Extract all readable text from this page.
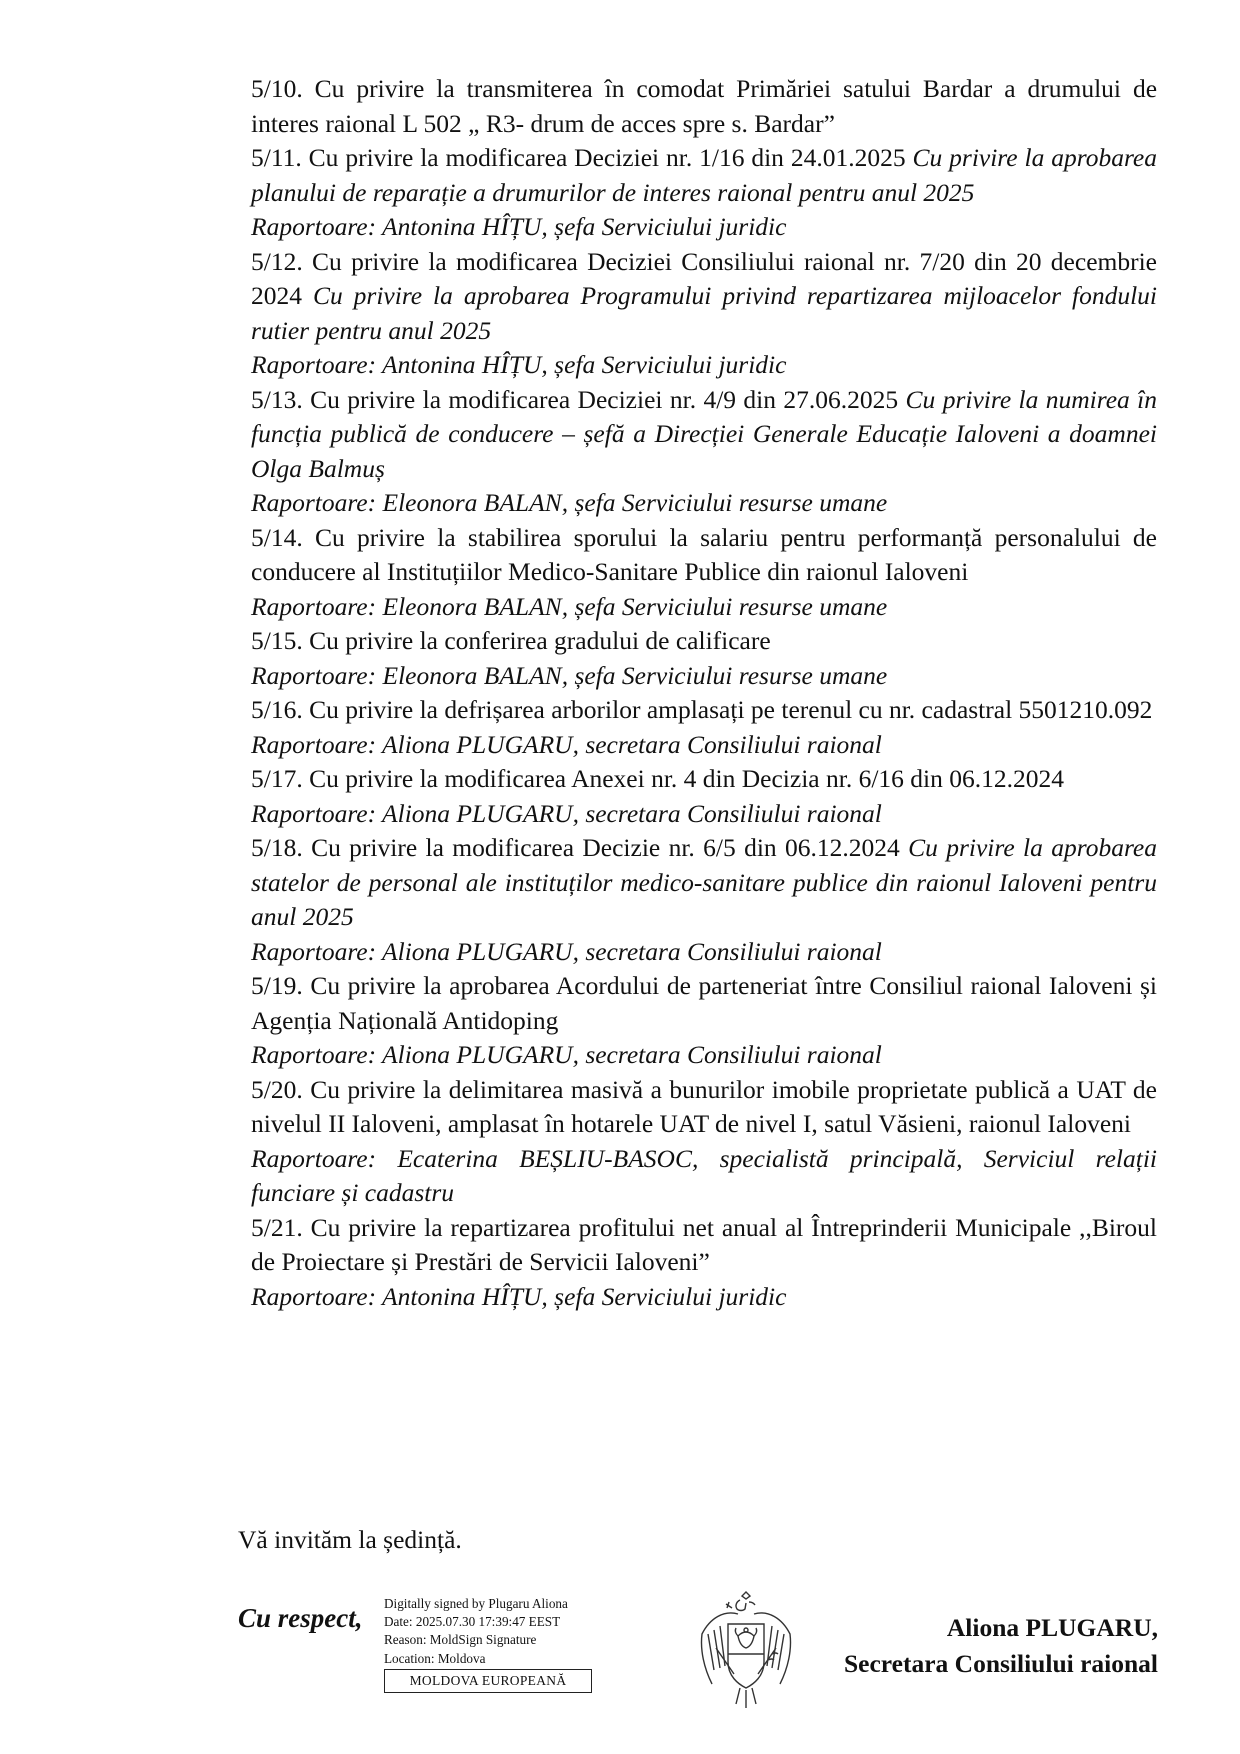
5/10. Cu privire la transmiterea în comodat Primăriei satului Bardar a drumului de interes raional L 502 „ R3- drum de acces spre s. Bardar”

5/11. Cu privire la modificarea Deciziei nr. 1/16 din 24.01.2025 Cu privire la aprobarea planului de reparație a drumurilor de interes raional pentru anul 2025

Raportoare: Antonina HÎȚU, șefa Serviciului juridic

5/12. Cu privire la modificarea Deciziei Consiliului raional nr. 7/20 din 20 decembrie 2024 Cu privire la aprobarea Programului privind repartizarea mijloacelor fondului rutier pentru anul 2025

Raportoare: Antonina HÎȚU, șefa Serviciului juridic

5/13. Cu privire la modificarea Deciziei nr. 4/9 din 27.06.2025 Cu privire la numirea în funcția publică de conducere – șefă a Direcției Generale Educație Ialoveni a doamnei Olga Balmuș

Raportoare: Eleonora BALAN, șefa Serviciului resurse umane

5/14. Cu privire la stabilirea sporului la salariu pentru performanță personalului de conducere al Instituțiilor Medico-Sanitare Publice din raionul Ialoveni

Raportoare: Eleonora BALAN, șefa Serviciului resurse umane

5/15. Cu privire la conferirea gradului de calificare

Raportoare: Eleonora BALAN, șefa Serviciului resurse umane

5/16. Cu privire la defrișarea arborilor amplasați pe terenul cu nr. cadastral 5501210.092

Raportoare: Aliona PLUGARU, secretara Consiliului raional

5/17. Cu privire la modificarea Anexei nr. 4 din Decizia nr. 6/16 din 06.12.2024

Raportoare: Aliona PLUGARU, secretara Consiliului raional

5/18. Cu privire la modificarea Decizie nr. 6/5 din 06.12.2024 Cu privire la aprobarea statelor de personal ale instituților medico-sanitare publice din raionul Ialoveni pentru anul 2025

Raportoare: Aliona PLUGARU, secretara Consiliului raional

5/19. Cu privire la aprobarea Acordului de parteneriat între Consiliul raional Ialoveni și Agenția Națională Antidoping

Raportoare: Aliona PLUGARU, secretara Consiliului raional

5/20. Cu privire la delimitarea masivă a bunurilor imobile proprietate publică a UAT de nivelul II Ialoveni, amplasat în hotarele UAT de nivel I, satul Văsieni, raionul Ialoveni

Raportoare: Ecaterina BEȘLIU-BASOC, specialistă principală, Serviciul relații funciare și cadastru

5/21. Cu privire la repartizarea profitului net anual al Întreprinderii Municipale ,,Biroul de Proiectare și Prestări de Servicii Ialoveni”

Raportoare: Antonina HÎȚU, șefa Serviciului juridic

Vă invităm la ședință.

Cu respect, Digitally signed by Plugaru Aliona
Date: 2025.07.30 17:39:47 EEST
Reason: MoldSign Signature
Location: Moldova
MOLDOVA EUROPEANĂ
Aliona PLUGARU,
Secretara Consiliului raional
